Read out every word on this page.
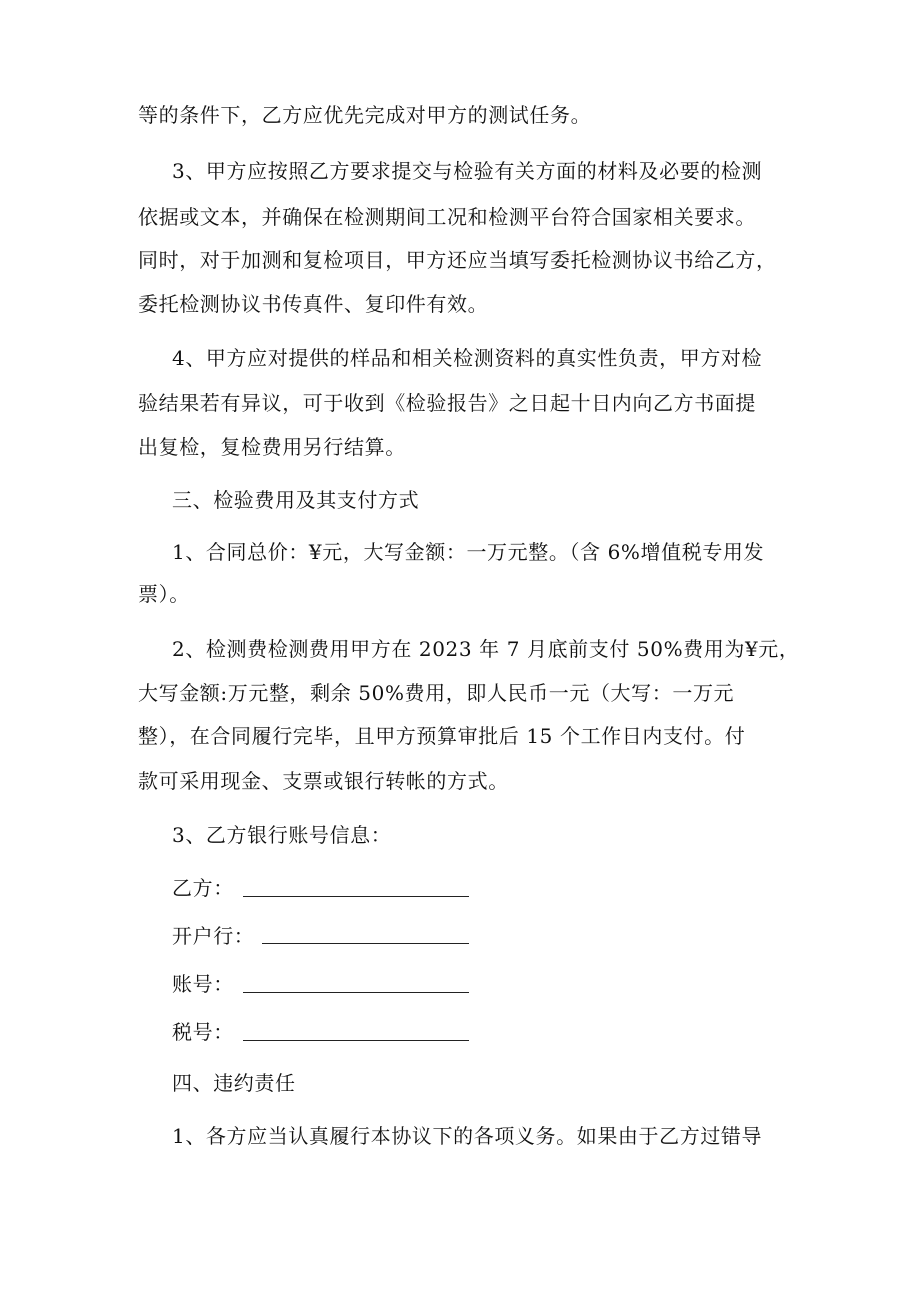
等的条件下，乙方应优先完成对甲方的测试任务。
3、甲方应按照乙方要求提交与检验有关方面的材料及必要的检测
依据或文本，并确保在检测期间工况和检测平台符合国家相关要求。
同时，对于加测和复检项目，甲方还应当填写委托检测协议书给乙方，
委托检测协议书传真件、复印件有效。
4、甲方应对提供的样品和相关检测资料的真实性负责，甲方对检
验结果若有异议，可于收到《检验报告》之日起十日内向乙方书面提
出复检，复检费用另行结算。
三、检验费用及其支付方式
1、合同总价：¥元，大写金额：一万元整。（含 6%增值税专用发
票）。
2、检测费检测费用甲方在 2023 年 7 月底前支付 50%费用为¥元，
大写金额:万元整，剩余 50%费用，即人民币一元（大写：一万元
整），在合同履行完毕，且甲方预算审批后 15 个工作日内支付。付
款可采用现金、支票或银行转帐的方式。
3、乙方银行账号信息：
乙方：
开户行：
账号：
税号：
四、违约责任
1、各方应当认真履行本协议下的各项义务。如果由于乙方过错导
